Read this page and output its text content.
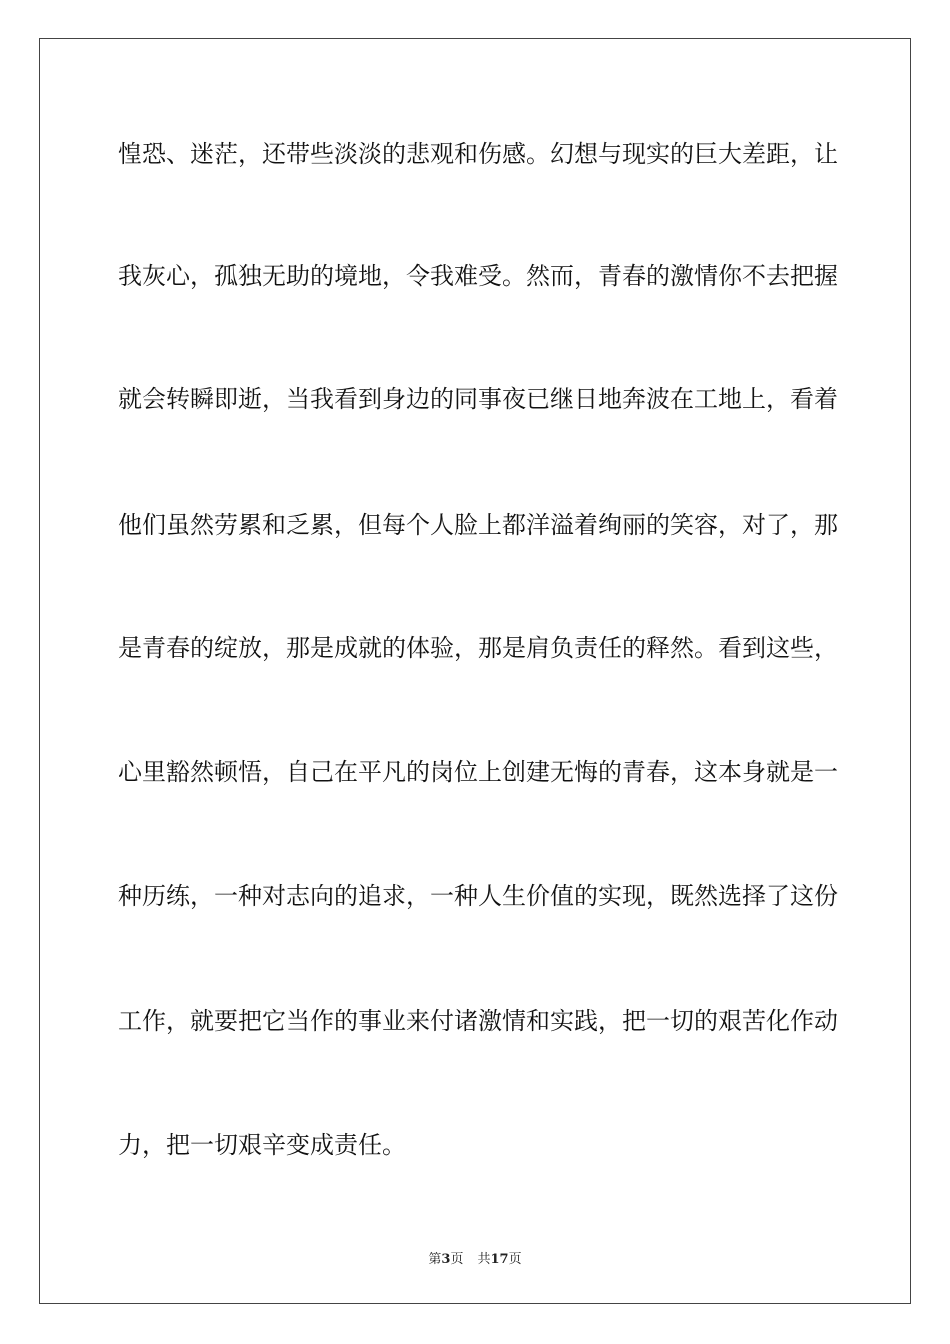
惶恐、迷茫，还带些淡淡的悲观和伤感。幻想与现实的巨大差距，让
我灰心，孤独无助的境地，令我难受。然而，青春的激情你不去把握
就会转瞬即逝，当我看到身边的同事夜已继日地奔波在工地上，看着
他们虽然劳累和乏累，但每个人脸上都洋溢着绚丽的笑容，对了，那
是青春的绽放，那是成就的体验，那是肩负责任的释然。看到这些，
心里豁然顿悟，自己在平凡的岗位上创建无悔的青春，这本身就是一
种历练，一种对志向的追求，一种人生价值的实现，既然选择了这份
工作，就要把它当作的事业来付诸激情和实践，把一切的艰苦化作动
力，把一切艰辛变成责任。
第3页 共17页
